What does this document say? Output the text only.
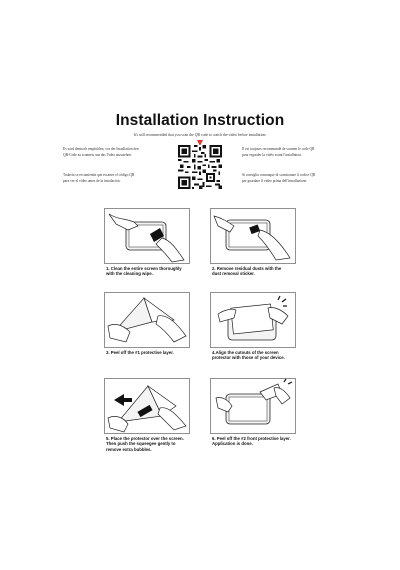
Installation Instruction
It's still recommended that you scan the QR code to watch the video before installation.
Es wird dennoch empfohlen, vor der Installation den
QR-Code zu scannen, um das Video anzusehen.
Il est toujours recommandé de scanner le code QR
pour regarder la vidéo avant l'installation.
Todavía se recomienda que escanee el código QR
para ver el vídeo antes de la instalación.
Si consiglia comunque di scansionare il codice QR
per guardare il video prima dell'installazione.
1. Clean the entire screen thoroughly
with the cleaning wipe.
2. Remove residual dusts with the
dust removal sticker.
3. Peel off the #1 protective layer.	4.Align the cutouts of the screen
protector with those of your device.
5. Place the protector over the screen.
Then push the squeegee gently to
remove extra bubbles.
6. Peel off the #2 front protective layer.
Application is done.
